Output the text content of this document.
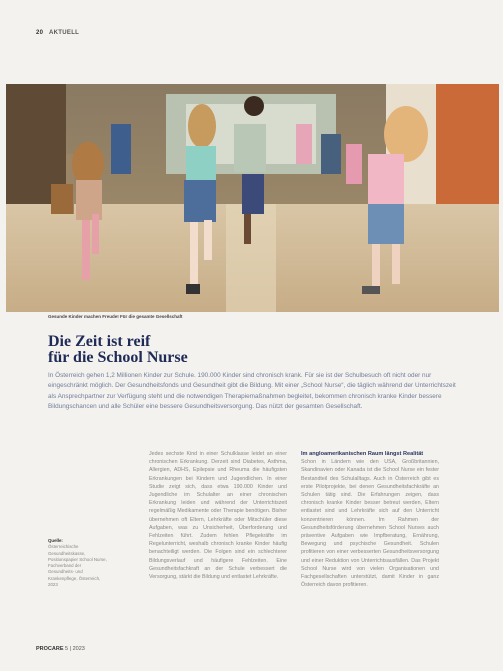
20 AKTUELL
Gesunde Kinder machen Freude! Für die gesamte Gesellschaft
Die Zeit ist reif
für die School Nurse
In Österreich gehen 1,2 Millionen Kinder zur Schule. 190.000 Kinder sind chronisch krank. Für sie ist der Schulbesuch oft nicht oder nur eingeschränkt möglich. Der Gesundheitsfonds und Gesundheit gibt die Bildung. Mit einer „School Nurse“, die täglich während der Unterrichtszeit als Ansprechpartner zur Verfügung steht und die notwendigen Therapiemaßnahmen begleitet, bekommen chronisch kranke Kinder bessere Bildungschancen und alle Schüler eine bessere Gesundheitsversorgung. Das nützt der gesamten Gesellschaft.
Quelle:
Österreichische Gesundheitskasse, Positionspapier School Nurse, Fachverband der Gesundheits- und Krankenpflege, Österreich, 2023
Jedes sechste Kind in einer Schulklasse leidet an einer chronischen Erkrankung. Derzeit sind Diabetes, Asthma, Allergien, ADHS, Epilepsie und Rheuma die häufigsten Erkrankungen bei Kindern und Jugendlichen. In einer Studie zeigt sich, dass etwa 190.000 Kinder und Jugendliche im Schulalter an einer chronischen Erkrankung leiden und während der Unterrichtszeit regelmäßig Medikamente oder Therapie benötigen. Bisher übernehmen oft Eltern, Lehrkräfte oder Mitschüler diese Aufgaben, was zu Unsicherheit, Überforderung und Fehlzeiten führt. Zudem fehlen Pflegekräfte im Regelunterricht, weshalb chronisch kranke Kinder häufig benachteiligt werden. Die Folgen sind ein schlechterer Bildungsverlauf und häufigere Fehlzeiten. Eine Gesundheitsfachkraft an der Schule verbessert die Versorgung, stärkt die Bildung und entlastet Lehrkräfte.
Im angloamerikanischen Raum längst Realität
Schon in Ländern wie den USA, Großbritannien, Skandinavien oder Kanada ist die School Nurse ein fester Bestandteil des Schulalltags. Auch in Österreich gibt es erste Pilotprojekte, bei denen Gesundheitsfachkräfte an Schulen tätig sind. Die Erfahrungen zeigen, dass chronisch kranke Kinder besser betreut werden, Eltern entlastet sind und Lehrkräfte sich auf den Unterricht konzentrieren können. Im Rahmen der Gesundheitsförderung übernehmen School Nurses auch präventive Aufgaben wie Impfberatung, Ernährung, Bewegung und psychische Gesundheit. Schulen profitieren von einer verbesserten Gesundheitsversorgung und einer Reduktion von Unterrichtsausfällen. Das Projekt School Nurse wird von vielen Organisationen und Fachgesellschaften unterstützt, damit Kinder in ganz Österreich davon profitieren.
PROCARE 5 | 2023
